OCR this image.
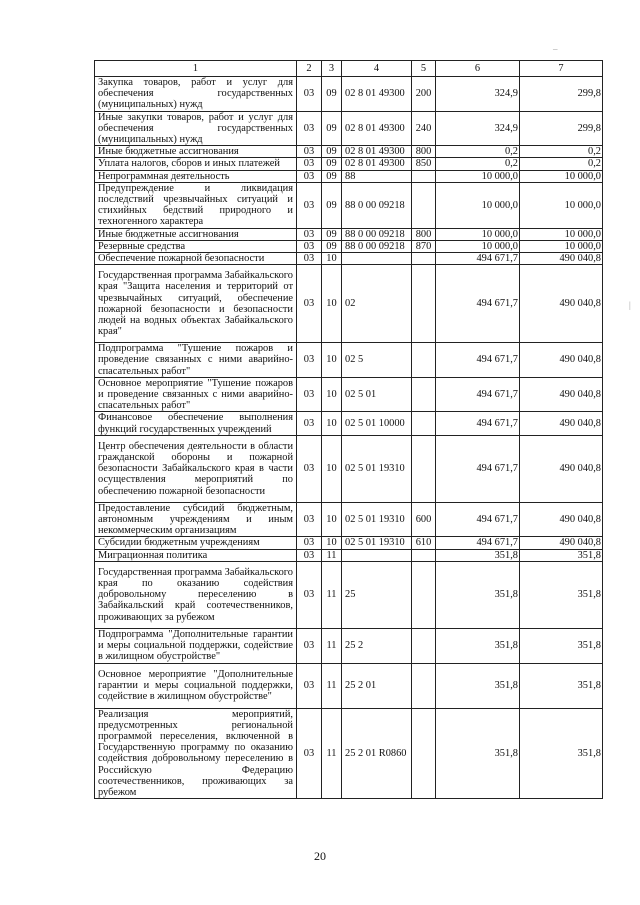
–
|
1	2	3	4	5	6	7
Закупка товаров, работ и услуг для обеспечения государственных (муниципальных) нужд	03	09	02 8 01 49300	200	324,9	299,8
Иные закупки товаров, работ и услуг для обеспечения государственных (муниципальных) нужд	03	09	02 8 01 49300	240	324,9	299,8
Иные бюджетные ассигнования	03	09	02 8 01 49300	800	0,2	0,2
Уплата налогов, сборов и иных платежей	03	09	02 8 01 49300	850	0,2	0,2
Непрограммная деятельность	03	09	88		10 000,0	10 000,0
Предупреждение и ликвидация последствий чрезвычайных ситуаций и стихийных бедствий природного и техногенного характера	03	09	88 0 00 09218		10 000,0	10 000,0
Иные бюджетные ассигнования	03	09	88 0 00 09218	800	10 000,0	10 000,0
Резервные средства	03	09	88 0 00 09218	870	10 000,0	10 000,0
Обеспечение пожарной безопасности	03	10			494 671,7	490 040,8
Государственная программа Забайкальского края "Защита населения и территорий от чрезвычайных ситуаций, обеспечение пожарной безопасности и безопасности людей на водных объектах Забайкальского края"	03	10	02		494 671,7	490 040,8
Подпрограмма "Тушение пожаров и проведение связанных с ними аварийно-спасательных работ"	03	10	02 5		494 671,7	490 040,8
Основное мероприятие "Тушение пожаров и проведение связанных с ними аварийно-спасательных работ"	03	10	02 5 01		494 671,7	490 040,8
Финансовое обеспечение выполнения функций государственных учреждений	03	10	02 5 01 10000		494 671,7	490 040,8
Центр обеспечения деятельности в области гражданской обороны и пожарной безопасности Забайкальского края в части осуществления мероприятий по обеспечению пожарной безопасности	03	10	02 5 01 19310		494 671,7	490 040,8
Предоставление субсидий бюджетным, автономным учреждениям и иным некоммерческим организациям	03	10	02 5 01 19310	600	494 671,7	490 040,8
Субсидии бюджетным учреждениям	03	10	02 5 01 19310	610	494 671,7	490 040,8
Миграционная политика	03	11			351,8	351,8
Государственная программа Забайкальского края по оказанию содействия добровольному переселению в Забайкальский край соотечественников, проживающих за рубежом	03	11	25		351,8	351,8
Подпрограмма "Дополнительные гарантии и меры социальной поддержки, содействие в жилищном обустройстве"	03	11	25 2		351,8	351,8
Основное мероприятие "Дополнительные гарантии и меры социальной поддержки, содействие в жилищном обустройстве"	03	11	25 2 01		351,8	351,8
Реализация мероприятий, предусмотренных региональной программой переселения, включенной в Государственную программу по оказанию содействия добровольному переселению в Российскую Федерацию соотечественников, проживающих за рубежом	03	11	25 2 01 R0860		351,8	351,8
20
